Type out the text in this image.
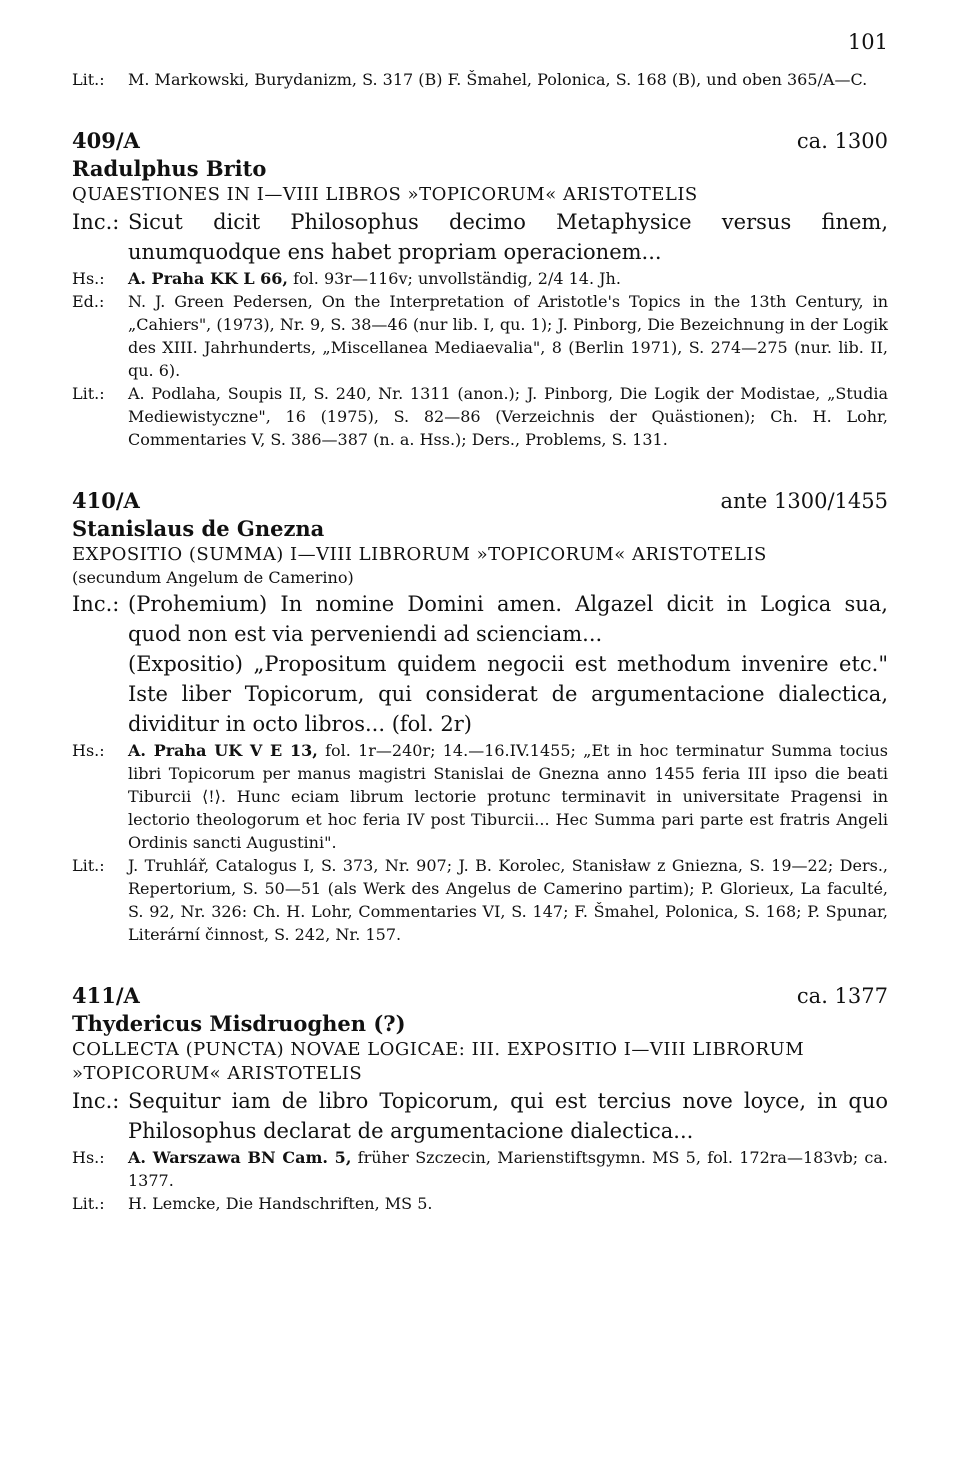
101
Lit.:	M. Markowski, Burydanizm, S. 317 (B) F. Šmahel, Polonica, S. 168 (B), und oben 365/A—C.
409/A	ca. 1300
Radulphus Brito
QUAESTIONES IN I—VIII LIBROS »TOPICORUM« ARISTOTELIS
Inc.: Sicut dicit Philosophus decimo Metaphysice versus finem, unumquodque ens habet propriam operacionem...
Hs.:	A. Praha KK L 66, fol. 93r—116v; unvollständig, 2/4 14. Jh.
Ed.:	N. J. Green Pedersen, On the Interpretation of Aristotle's Topics in the 13th Century, in „Cahiers", (1973), Nr. 9, S. 38—46 (nur lib. I, qu. 1); J. Pinborg, Die Bezeichnung in der Logik des XIII. Jahrhunderts, „Miscellanea Mediaevalia", 8 (Berlin 1971), S. 274—275 (nur. lib. II, qu. 6).
Lit.:	A. Podlaha, Soupis II, S. 240, Nr. 1311 (anon.); J. Pinborg, Die Logik der Modistae, „Studia Mediewistyczne", 16 (1975), S. 82—86 (Verzeichnis der Quästionen); Ch. H. Lohr, Commentaries V, S. 386—387 (n. a. Hss.); Ders., Problems, S. 131.
410/A	ante 1300/1455
Stanislaus de Gnezna
EXPOSITIO (SUMMA) I—VIII LIBRORUM »TOPICORUM« ARISTOTELIS
(secundum Angelum de Camerino)
Inc.: (Prohemium) In nomine Domini amen. Algazel dicit in Logica sua, quod non est via perveniendi ad scienciam...
(Expositio) „Propositum quidem negocii est methodum invenire etc." Iste liber Topicorum, qui considerat de argumentacione dialectica, dividitur in octo libros... (fol. 2r)
Hs.:	A. Praha UK V E 13, fol. 1r—240r; 14.—16.IV.1455; „Et in hoc terminatur Summa tocius libri Topicorum per manus magistri Stanislai de Gnezna anno 1455 feria III ipso die beati Tiburcii ⟨!⟩. Hunc eciam librum lectorie protunc terminavit in universitate Pragensi in lectorio theologorum et hoc feria IV post Tiburcii... Hec Summa pari parte est fratris Angeli Ordinis sancti Augustini".
Lit.:	J. Truhlář, Catalogus I, S. 373, Nr. 907; J. B. Korolec, Stanisław z Gniezna, S. 19—22; Ders., Repertorium, S. 50—51 (als Werk des Angelus de Camerino partim); P. Glorieux, La faculté, S. 92, Nr. 326: Ch. H. Lohr, Commentaries VI, S. 147; F. Šmahel, Polonica, S. 168; P. Spunar, Literární činnost, S. 242, Nr. 157.
411/A	ca. 1377
Thydericus Misdruoghen (?)
COLLECTA (PUNCTA) NOVAE LOGICAE: III. EXPOSITIO I—VIII LIBRORUM »TOPICORUM« ARISTOTELIS
Inc.: Sequitur iam de libro Topicorum, qui est tercius nove loyce, in quo Philosophus declarat de argumentacione dialectica...
Hs.:	A. Warszawa BN Cam. 5, früher Szczecin, Marienstiftsgymn. MS 5, fol. 172ra—183vb; ca. 1377.
Lit.:	H. Lemcke, Die Handschriften, MS 5.
